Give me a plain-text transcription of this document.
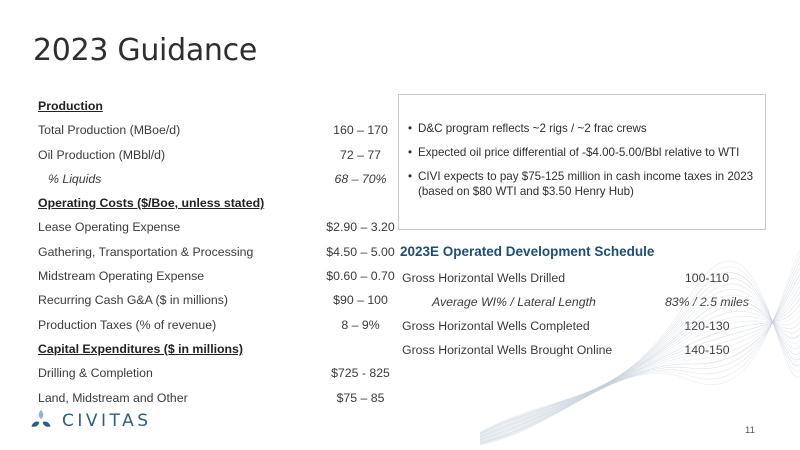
2023 Guidance
Production
Total Production (MBoe/d)	160 – 170
Oil Production (MBbl/d)	72 – 77
% Liquids	68 – 70%
Operating Costs ($/Boe, unless stated)
Lease Operating Expense	$2.90 – 3.20
Gathering, Transportation & Processing	$4.50 – 5.00
Midstream Operating Expense	$0.60 – 0.70
Recurring Cash G&A ($ in millions)	$90 – 100
Production Taxes (% of revenue)	8 – 9%
Capital Expenditures ($ in millions)
Drilling & Completion	$725 - 825
Land, Midstream and Other	$75 – 85
• D&C program reflects ~2 rigs / ~2 frac crews
• Expected oil price differential of -$4.00-5.00/Bbl relative to WTI
• CIVI expects to pay $75-125 million in cash income taxes in 2023 (based on $80 WTI and $3.50 Henry Hub)
2023E Operated Development Schedule
Gross Horizontal Wells Drilled	100-110
Average WI% / Lateral Length	83% / 2.5 miles
Gross Horizontal Wells Completed	120-130
Gross Horizontal Wells Brought Online	140-150
CIVITAS	11
